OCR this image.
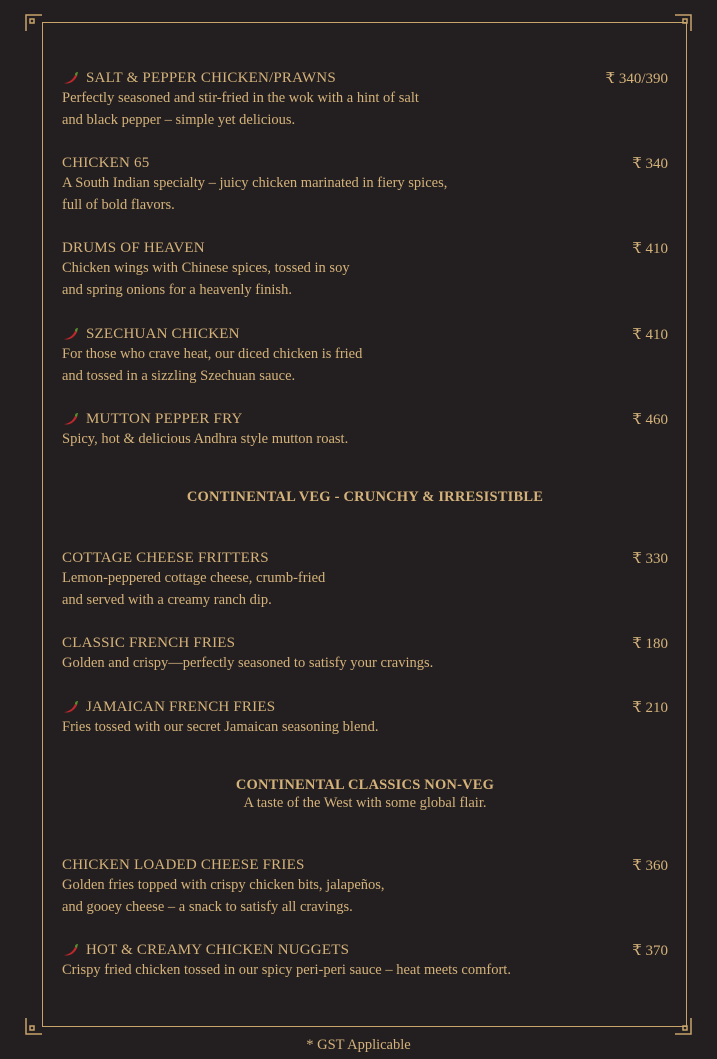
SALT & PEPPER CHICKEN/PRAWNS	₹ 340/390
Perfectly seasoned and stir-fried in the wok with a hint of salt
and black pepper – simple yet delicious.
CHICKEN 65	₹ 340
A South Indian specialty – juicy chicken marinated in fiery spices,
full of bold flavors.
DRUMS OF HEAVEN	₹ 410
Chicken wings with Chinese spices, tossed in soy
and spring onions for a heavenly finish.
SZECHUAN CHICKEN	₹ 410
For those who crave heat, our diced chicken is fried
and tossed in a sizzling Szechuan sauce.
MUTTON PEPPER FRY	₹ 460
Spicy, hot & delicious Andhra style mutton roast.
CONTINENTAL VEG - CRUNCHY & IRRESISTIBLE
COTTAGE CHEESE FRITTERS	₹ 330
Lemon-peppered cottage cheese, crumb-fried
and served with a creamy ranch dip.
CLASSIC FRENCH FRIES	₹ 180
Golden and crispy—perfectly seasoned to satisfy your cravings.
JAMAICAN FRENCH FRIES	₹ 210
Fries tossed with our secret Jamaican seasoning blend.
CONTINENTAL CLASSICS NON-VEG
A taste of the West with some global flair.
CHICKEN LOADED CHEESE FRIES	₹ 360
Golden fries topped with crispy chicken bits, jalapeños,
and gooey cheese – a snack to satisfy all cravings.
HOT & CREAMY CHICKEN NUGGETS	₹ 370
Crispy fried chicken tossed in our spicy peri-peri sauce – heat meets comfort.
* GST Applicable
